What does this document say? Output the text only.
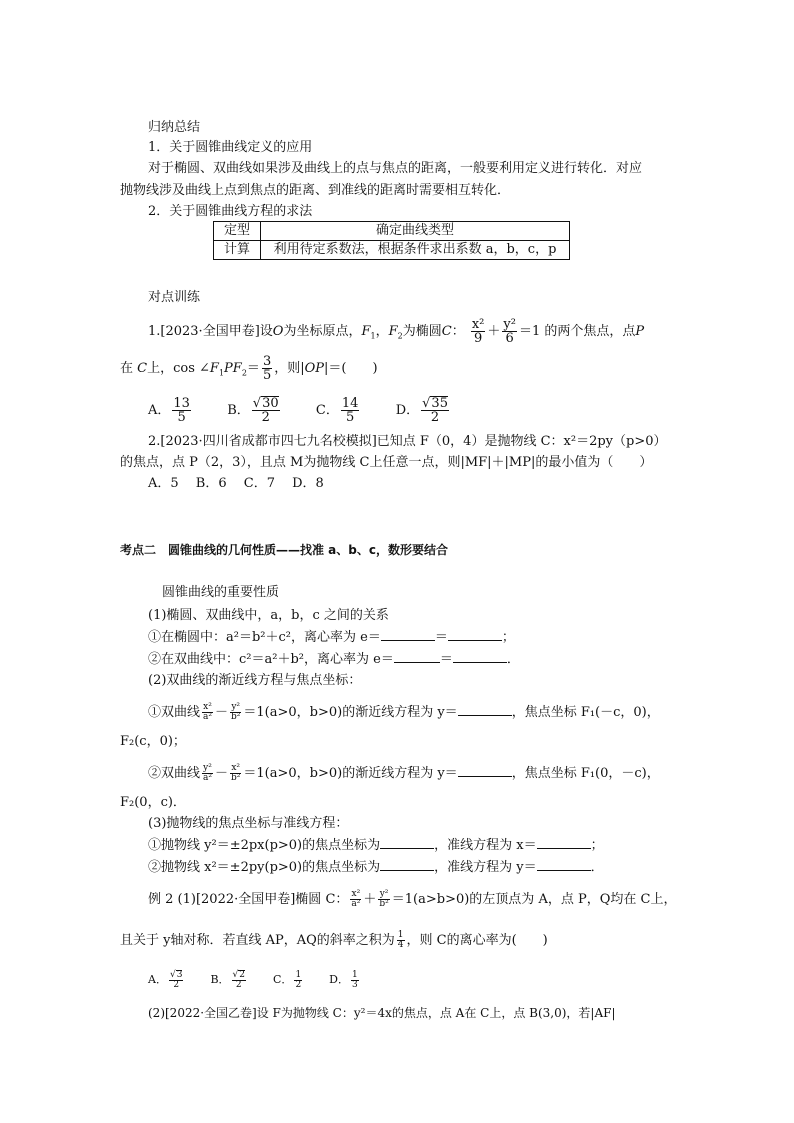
归纳总结
1．关于圆锥曲线定义的应用
对于椭圆、双曲线如果涉及曲线上的点与焦点的距离，一般要利用定义进行转化．对应
抛物线涉及曲线上点到焦点的距离、到准线的距离时需要相互转化．
2．关于圆锥曲线方程的求法
定型	确定曲线类型
计算	利用待定系数法，根据条件求出系数 a，b，c，p
对点训练
1.[2023·全国甲卷]设O为坐标原点，$F_1$，$F_2$为椭圆C： $\frac{\text{x²}}{9} + \frac{\text{y²}}{6} =1$ 的两个焦点，点P
在 C上，$\cos \angle F_1PF_2= \frac{3}{5}$ ，则|OP|＝(　　)
A． $\frac{13}{5}$	B． $\frac{√30}{2}$	C． $\frac{14}{5}$	D． $\frac{√35}{2}$
2.[2023·四川省成都市四七九名校模拟]已知点 F（0，4）是抛物线 C：x²＝2py（p>0）
的焦点，点 P（2，3），且点 M为抛物线 C上任意一点，则|MF|＋|MP|的最小值为（　　）
A．5　 B．6　 C．7　 D．8
考点二　圆锥曲线的几何性质——找准 a、b、c，数形要结合
圆锥曲线的重要性质
(1)椭圆、双曲线中，a，b，c 之间的关系
①在椭圆中：a²＝b²＋c²，离心率为 e＝	＝	；
②在双曲线中：c²＝a²＋b²，离心率为 e＝	＝	．
(2)双曲线的渐近线方程与焦点坐标：
①双曲线 $\frac{\text{x²}}{\text{a²}} - \frac{\text{y²}}{\text{b²}} =1(a>0$，b>0)的渐近线方程为 y＝	，焦点坐标 F₁(－c，0)，
F₂(c，0)；
②双曲线 $\frac{\text{y²}}{\text{a²}} - \frac{\text{x²}}{\text{b²}} =1(a>0$，b>0)的渐近线方程为 y＝	，焦点坐标 F₁(0，－c)，
F₂(0，c)．
(3)抛物线的焦点坐标与准线方程：
①抛物线 y²＝±2px(p>0)的焦点坐标为	，准线方程为 x＝	；
②抛物线 x²＝±2py(p>0)的焦点坐标为	，准线方程为 y＝	．
例 2 (1)[2022·全国甲卷]椭圆 C： $\frac{\text{x²}}{\text{a²}} + \frac{\text{y²}}{\text{b²}} =1(a>b>0)$的左顶点为 A，点 P，Q均在 C上，
且关于 y轴对称．若直线 AP，AQ的斜率之积为 $\frac{1}{4}$ ，则 C的离心率为(　　)
A． $\frac{√3}{2}$ B． $\frac{√2}{2}$ C． $\frac{1}{2}$ D． $\frac{1}{3}$
(2)[2022·全国乙卷]设 F为抛物线 C：y²＝4x的焦点，点 A在 C上，点 B(3,0)，若|AF|
